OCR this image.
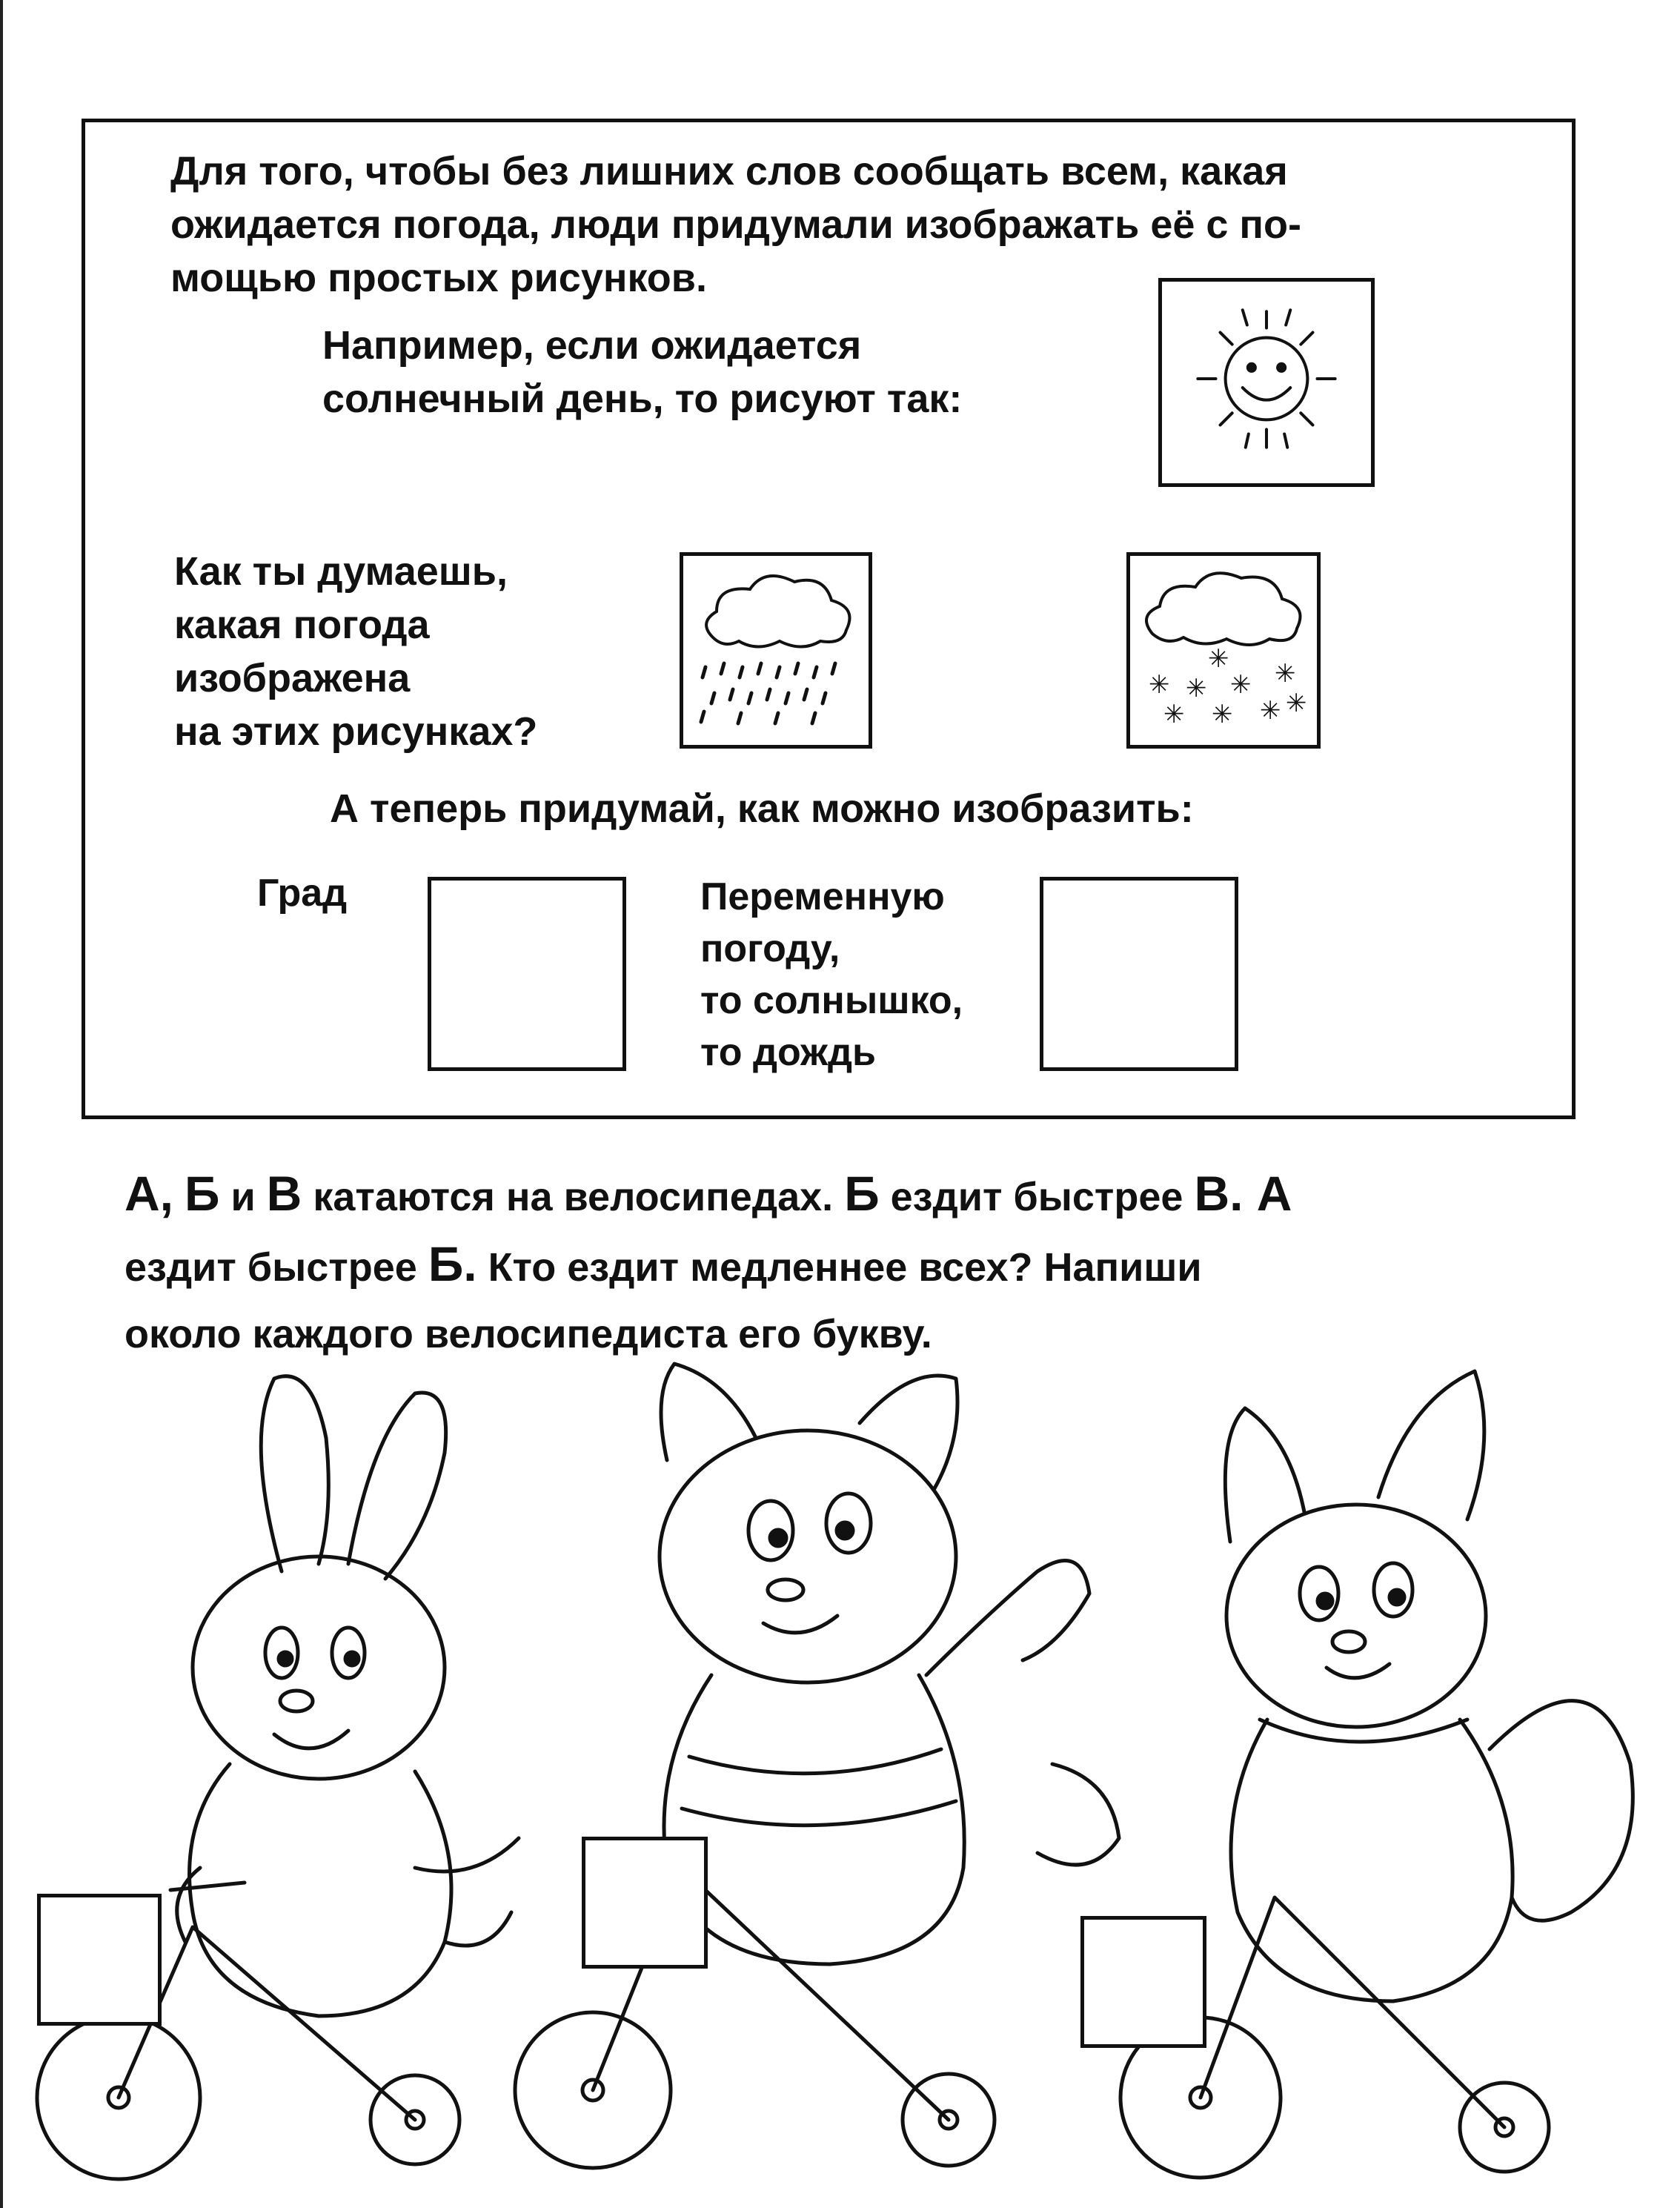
Для того, чтобы без лишних слов сообщать всем, какая
ожидается погода, люди придумали изображать её с по-
мощью простых рисунков.
Например, если ожидается
солнечный день, то рисуют так:
Как ты думаешь,
какая погода
изображена
на этих рисунках?
✳
✳ ✳ ✳ ✳
✳ ✳ ✳ ✳
А теперь придумай, как можно изобразить:
Град	Переменную
погоду,
то солнышко,
то дождь
А, Б и В катаются на велосипедах. Б ездит быстрее В. А
ездит быстрее Б. Кто ездит медленнее всех? Напиши
около каждого велосипедиста его букву.
